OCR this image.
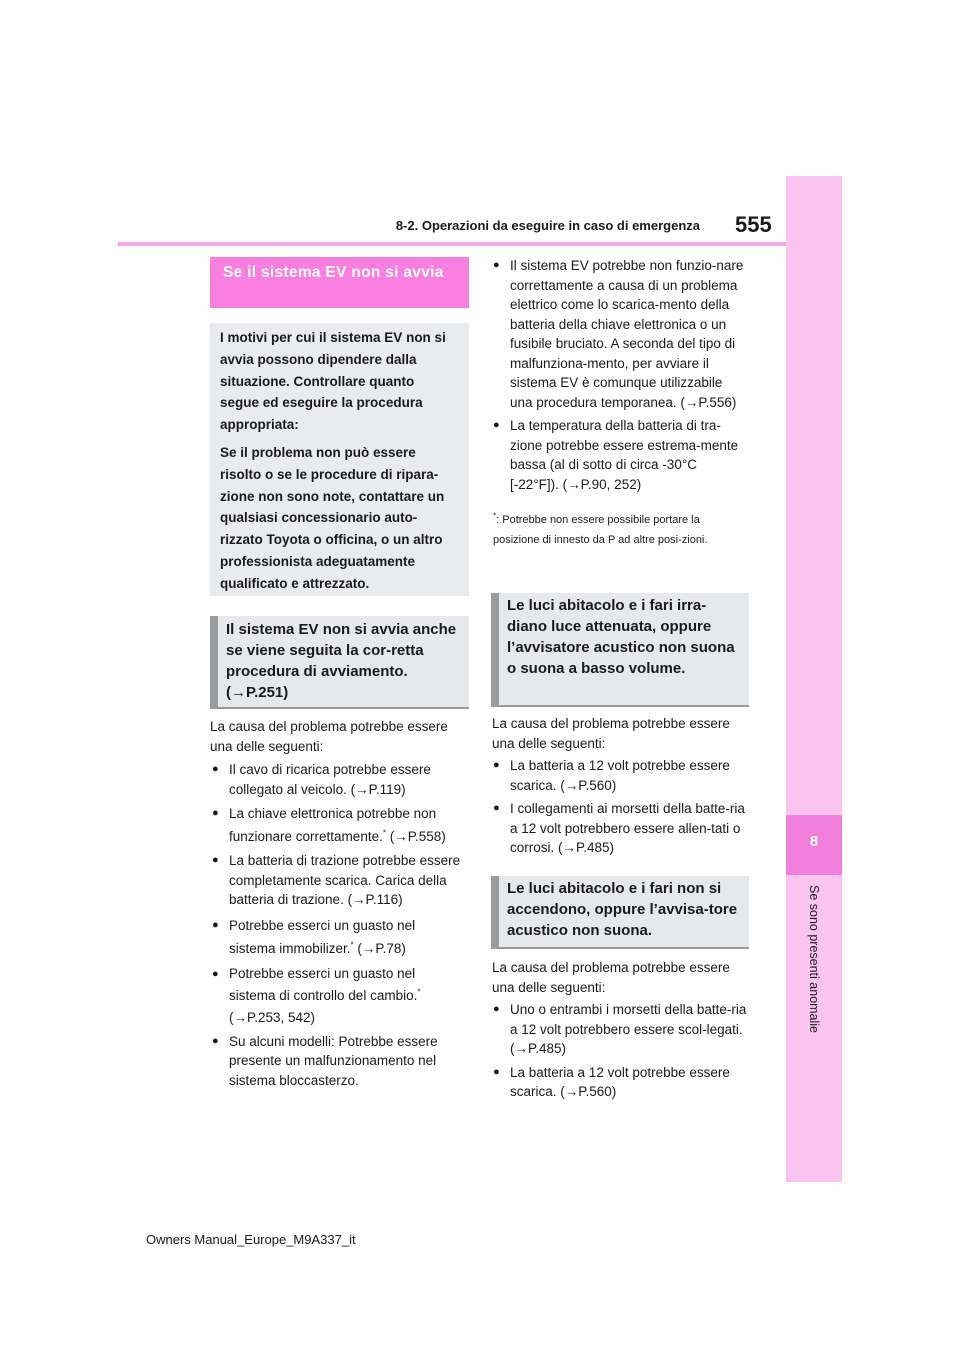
8-2. Operazioni da eseguire in caso di emergenza 555
8
Se sono presenti anomalie
Se il sistema EV non si avvia

I motivi per cui il sistema EV non si avvia possono dipendere dalla situazione. Controllare quanto segue ed eseguire la procedura appropriata:

Se il problema non può essere risolto o se le procedure di ripara-zione non sono note, contattare un qualsiasi concessionario auto-rizzato Toyota o officina, o un altro professionista adeguatamente qualificato e attrezzato.

Il sistema EV non si avvia anche se viene seguita la cor-retta procedura di avviamento. (→P.251)
La causa del problema potrebbe essere una delle seguenti:
● Il cavo di ricarica potrebbe essere collegato al veicolo. (→P.119)
● La chiave elettronica potrebbe non funzionare correttamente.* (→P.558)
● La batteria di trazione potrebbe essere completamente scarica. Carica della batteria di trazione. (→P.116)
● Potrebbe esserci un guasto nel sistema immobilizer.* (→P.78)
● Potrebbe esserci un guasto nel sistema di controllo del cambio.* (→P.253, 542)
● Su alcuni modelli: Potrebbe essere presente un malfunzionamento nel sistema bloccasterzo.
● Il sistema EV potrebbe non funzio-nare correttamente a causa di un problema elettrico come lo scarica-mento della batteria della chiave elettronica o un fusibile bruciato. A seconda del tipo di malfunziona-mento, per avviare il sistema EV è comunque utilizzabile una procedura temporanea. (→P.556)
● La temperatura della batteria di tra-zione potrebbe essere estrema-mente bassa (al di sotto di circa -30°C [-22°F]). (→P.90, 252)
*: Potrebbe non essere possibile portare la posizione di innesto da P ad altre posi-zioni.
Le luci abitacolo e i fari irra-diano luce attenuata, oppure l’avvisatore acustico non suona o suona a basso volume.
La causa del problema potrebbe essere una delle seguenti:
● La batteria a 12 volt potrebbe essere scarica. (→P.560)
● I collegamenti ai morsetti della batte-ria a 12 volt potrebbero essere allen-tati o corrosi. (→P.485)
Le luci abitacolo e i fari non si accendono, oppure l’avvisa-tore acustico non suona.
La causa del problema potrebbe essere una delle seguenti:
● Uno o entrambi i morsetti della batte-ria a 12 volt potrebbero essere scol-legati. (→P.485)
● La batteria a 12 volt potrebbe essere scarica. (→P.560)
Owners Manual_Europe_M9A337_it
